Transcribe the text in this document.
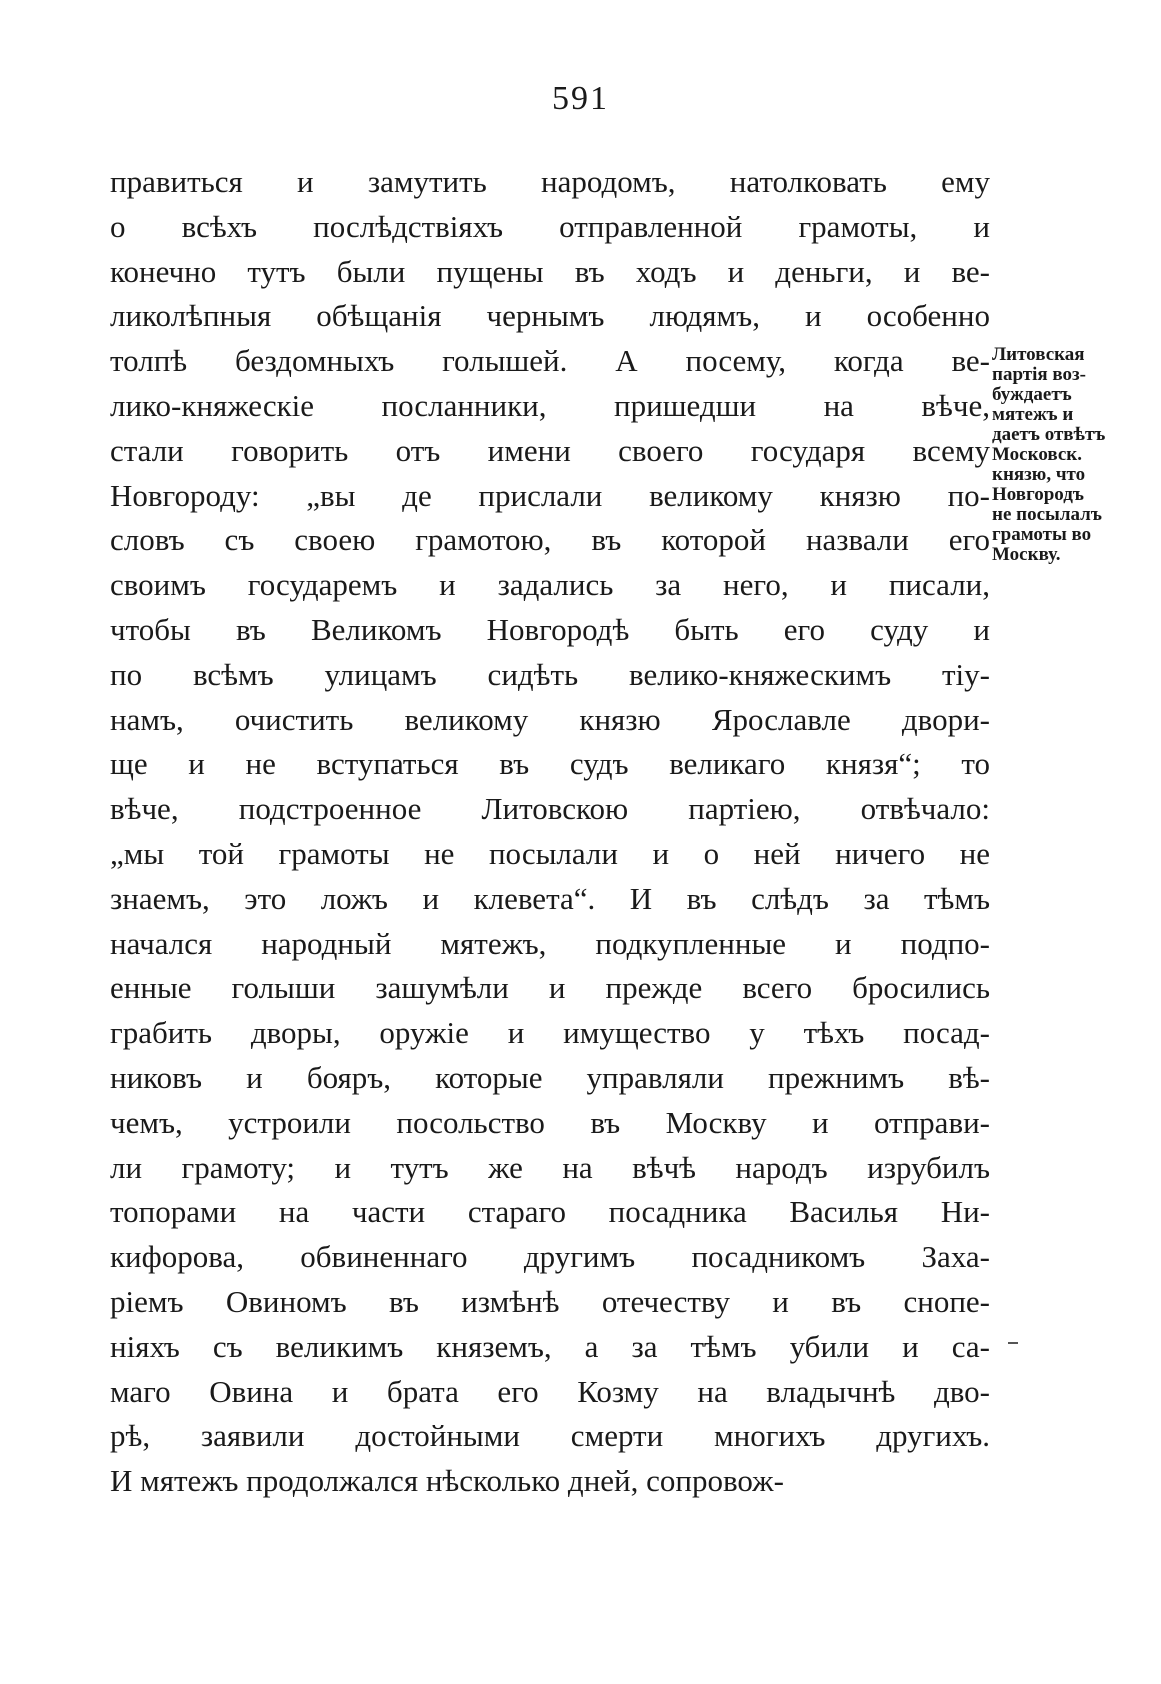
591
правиться и замутить народомъ, натолковать ему
о всѣхъ послѣдствіяхъ отправленной грамоты, и
конечно тутъ были пущены въ ходъ и деньги, и ве-
ликолѣпныя обѣщанія чернымъ людямъ, и особенно
толпѣ бездомныхъ голышей. А посему, когда ве-
лико-княжескіе посланники, пришедши на вѣче,
стали говорить отъ имени своего государя всему
Новгороду: „вы де прислали великому князю по-
словъ съ своею грамотою, въ которой назвали его
своимъ государемъ и задались за него, и писали,
чтобы въ Великомъ Новгородѣ быть его суду и
по всѣмъ улицамъ сидѣть велико-княжескимъ тіу-
намъ, очистить великому князю Ярославле двори-
ще и не вступаться въ судъ великаго князя“; то
вѣче, подстроенное Литовскою партіею, отвѣчало:
„мы той грамоты не посылали и о ней ничего не
знаемъ, это ложъ и клевета“. И въ слѣдъ за тѣмъ
начался народный мятежъ, подкупленные и подпо-
енные голыши зашумѣли и прежде всего бросились
грабить дворы, оружіе и имущество у тѣхъ посад-
никовъ и бояръ, которые управляли прежнимъ вѣ-
чемъ, устроили посольство въ Москву и отправи-
ли грамоту; и тутъ же на вѣчѣ народъ изрубилъ
топорами на части стараго посадника Василья Ни-
кифорова, обвиненнаго другимъ посадникомъ Заха-
ріемъ Овиномъ въ измѣнѣ отечеству и въ снопе-
ніяхъ съ великимъ княземъ, а за тѣмъ убили и са-
маго Овина и брата его Козму на владычнѣ дво-
рѣ, заявили достойными смерти многихъ другихъ.
И мятежъ продолжался нѣсколько дней, сопровож-
Литовская
партія воз-
буждаетъ
мятежъ и
даетъ отвѣтъ
Московск.
князю, что
Новгородъ
не посылалъ
грамоты во
Москву.
